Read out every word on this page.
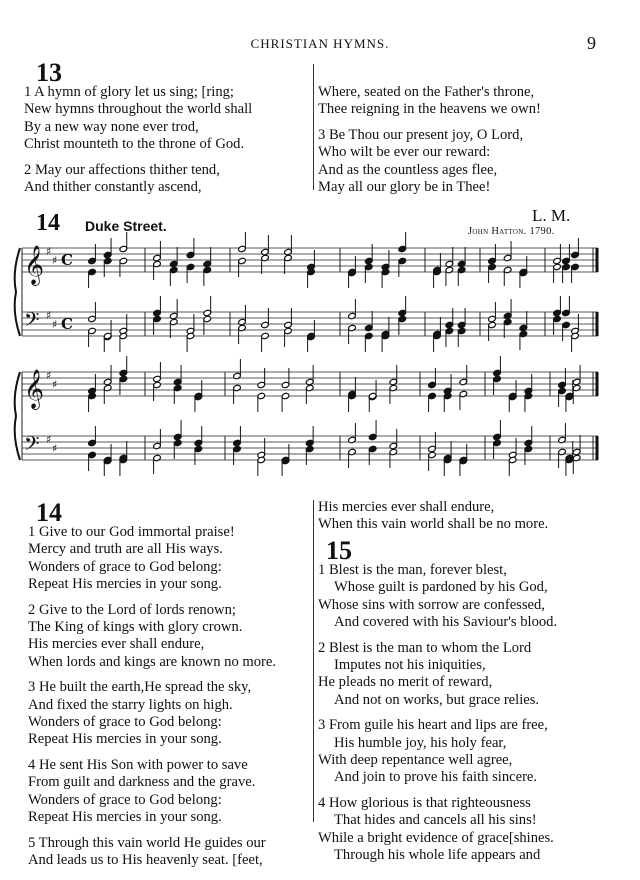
CHRISTIAN HYMNS.	9
13
1 A hymn of glory let us sing; [ring;
New hymns throughout the world shall
By a new way none ever trod,
Christ mounteth to the throne of God.
2 May our affections thither tend,
And thither constantly ascend,
Where, seated on the Father's throne,
Thee reigning in the heavens we own!
3 Be Thou our present joy, O Lord,
Who wilt be ever our reward:
And as the countless ages flee,
May all our glory be in Thee!
14 Duke Street.
L. M.
John Hatton. 1790.
𝄞 ♯
♯ C
𝄢 ♯
♯ C
𝄞 ♯
♯
𝄢 ♯
♯
14
1 Give to our God immortal praise!
Mercy and truth are all His ways.
Wonders of grace to God belong:
Repeat His mercies in your song.
2 Give to the Lord of lords renown;
The King of kings with glory crown.
His mercies ever shall endure,
When lords and kings are known no more.
3 He built the earth,He spread the sky,
And fixed the starry lights on high.
Wonders of grace to God belong:
Repeat His mercies in your song.
4 He sent His Son with power to save
From guilt and darkness and the grave.
Wonders of grace to God belong:
Repeat His mercies in your song.
5 Through this vain world He guides our
And leads us to His heavenly seat. [feet,
His mercies ever shall endure,
When this vain world shall be no more.
15
1 Blest is the man, forever blest,
Whose guilt is pardoned by his God,
Whose sins with sorrow are confessed,
And covered with his Saviour's blood.
2 Blest is the man to whom the Lord
Imputes not his iniquities,
He pleads no merit of reward,
And not on works, but grace relies.
3 From guile his heart and lips are free,
His humble joy, his holy fear,
With deep repentance well agree,
And join to prove his faith sincere.
4 How glorious is that righteousness
That hides and cancels all his sins!
While a bright evidence of grace[shines.
Through his whole life appears and
